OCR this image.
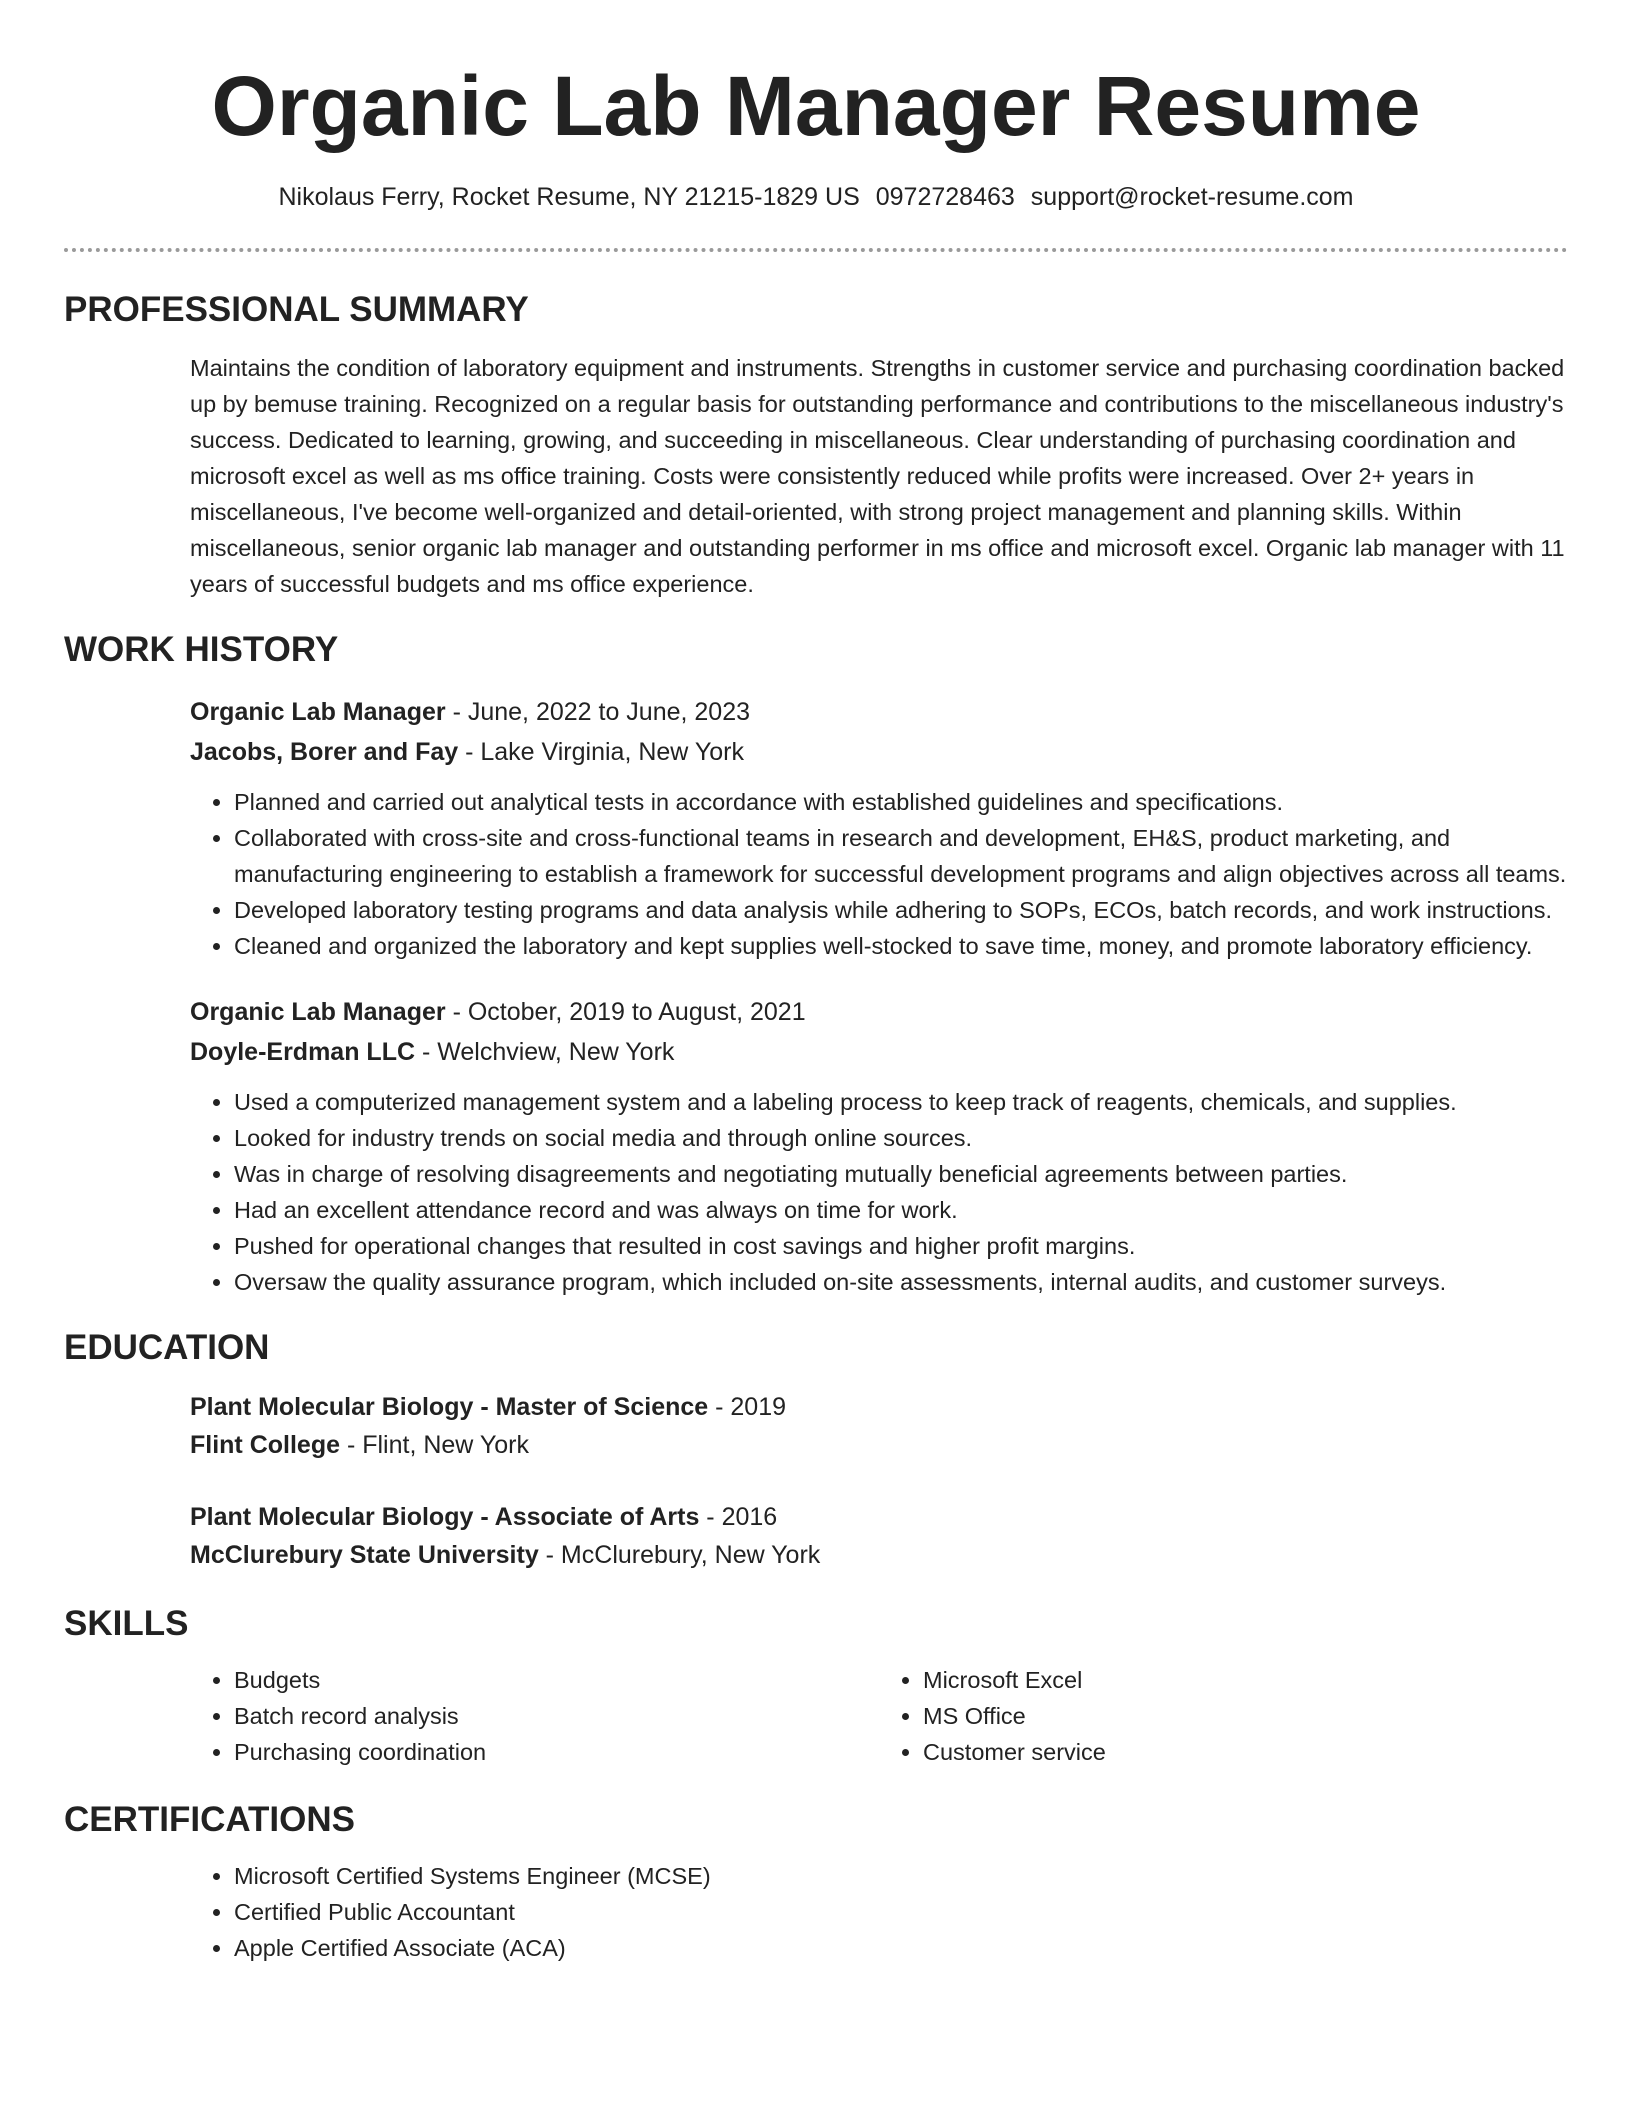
Organic Lab Manager Resume
Nikolaus Ferry, Rocket Resume, NY 21215-1829 US 0972728463 support@rocket-resume.com
PROFESSIONAL SUMMARY

Maintains the condition of laboratory equipment and instruments. Strengths in customer service and purchasing coordination backed up by bemuse training. Recognized on a regular basis for outstanding performance and contributions to the miscellaneous industry's success. Dedicated to learning, growing, and succeeding in miscellaneous. Clear understanding of purchasing coordination and microsoft excel as well as ms office training. Costs were consistently reduced while profits were increased. Over 2+ years in miscellaneous, I've become well-organized and detail-oriented, with strong project management and planning skills. Within miscellaneous, senior organic lab manager and outstanding performer in ms office and microsoft excel. Organic lab manager with 11 years of successful budgets and ms office experience.

WORK HISTORY
Organic Lab Manager - June, 2022 to June, 2023
Jacobs, Borer and Fay - Lake Virginia, New York
• Planned and carried out analytical tests in accordance with established guidelines and specifications.
• Collaborated with cross-site and cross-functional teams in research and development, EH&S, product marketing, and manufacturing engineering to establish a framework for successful development programs and align objectives across all teams.
• Developed laboratory testing programs and data analysis while adhering to SOPs, ECOs, batch records, and work instructions.
• Cleaned and organized the laboratory and kept supplies well-stocked to save time, money, and promote laboratory efficiency.
Organic Lab Manager - October, 2019 to August, 2021
Doyle-Erdman LLC - Welchview, New York
• Used a computerized management system and a labeling process to keep track of reagents, chemicals, and supplies.
• Looked for industry trends on social media and through online sources.
• Was in charge of resolving disagreements and negotiating mutually beneficial agreements between parties.
• Had an excellent attendance record and was always on time for work.
• Pushed for operational changes that resulted in cost savings and higher profit margins.
• Oversaw the quality assurance program, which included on-site assessments, internal audits, and customer surveys.
EDUCATION
Plant Molecular Biology - Master of Science - 2019
Flint College - Flint, New York
Plant Molecular Biology - Associate of Arts - 2016
McClurebury State University - McClurebury, New York
SKILLS
• Budgets
• Batch record analysis
• Purchasing coordination
• Microsoft Excel
• MS Office
• Customer service
CERTIFICATIONS
• Microsoft Certified Systems Engineer (MCSE)
• Certified Public Accountant
• Apple Certified Associate (ACA)
